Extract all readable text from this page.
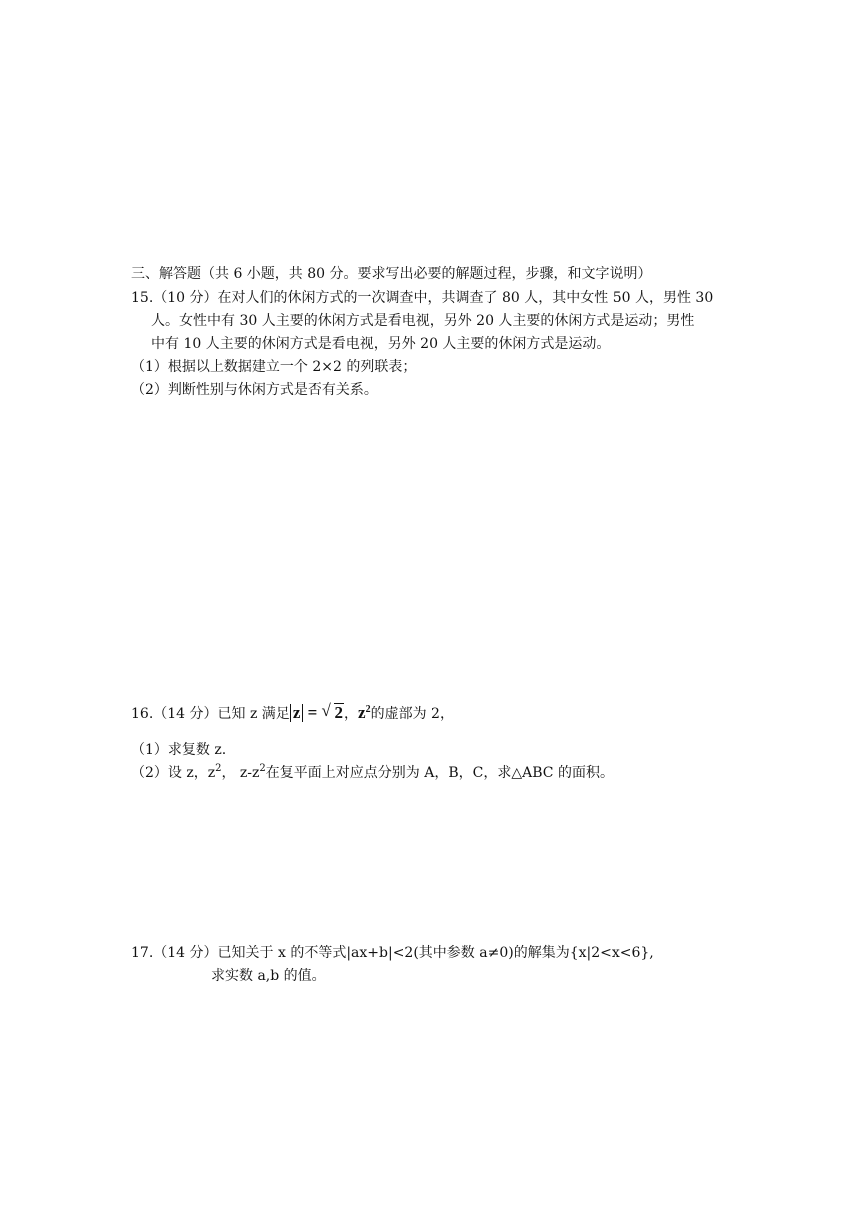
三、解答题（共 6 小题，共 80 分。要求写出必要的解题过程，步骤，和文字说明）
15.（10 分）在对人们的休闲方式的一次调查中，共调查了 80 人，其中女性 50 人，男性 30
人。女性中有 30 人主要的休闲方式是看电视，另外 20 人主要的休闲方式是运动；男性
中有 10 人主要的休闲方式是看电视，另外 20 人主要的休闲方式是运动。
（1）根据以上数据建立一个 2×2 的列联表；
（2）判断性别与休闲方式是否有关系。
16.（14 分）已知 z 满足 z = √ 2，$z^2$的虚部为 2，
（1）求复数 z.
（2）设 z，$z^2$， $z-z^2$在复平面上对应点分别为 A，B，C，求△ABC 的面积。
17.（14 分）已知关于 x 的不等式|ax+b|<2(其中参数 a≠0)的解集为{x|2<x<6},
求实数 a,b 的值。
